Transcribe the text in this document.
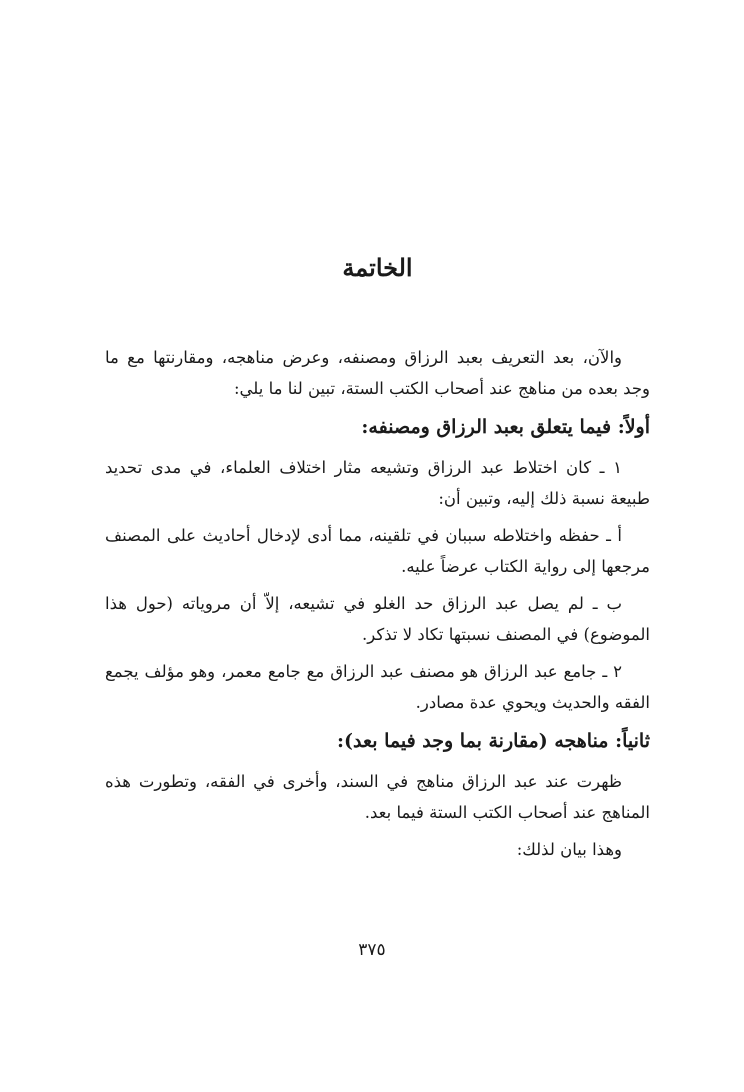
الخاتمة

والآن، بعد التعريف بعبد الرزاق ومصنفه، وعرض مناهجه، ومقارنتها مع ما وجد بعده من مناهج عند أصحاب الكتب الستة، تبين لنا ما يلي:

أولاً: فيما يتعلق بعبد الرزاق ومصنفه:

١ ـ كان اختلاط عبد الرزاق وتشيعه مثار اختلاف العلماء، في مدى تحديد طبيعة نسبة ذلك إليه، وتبين أن:

أ ـ حفظه واختلاطه سببان في تلقينه، مما أدى لإدخال أحاديث على المصنف مرجعها إلى رواية الكتاب عرضاً عليه.

ب ـ لم يصل عبد الرزاق حد الغلو في تشيعه، إلاّ أن مروياته (حول هذا الموضوع) في المصنف نسبتها تكاد لا تذكر.

٢ ـ جامع عبد الرزاق هو مصنف عبد الرزاق مع جامع معمر، وهو مؤلف يجمع الفقه والحديث ويحوي عدة مصادر.

ثانياً: مناهجه (مقارنة بما وجد فيما بعد):

ظهرت عند عبد الرزاق مناهج في السند، وأخرى في الفقه، وتطورت هذه المناهج عند أصحاب الكتب الستة فيما بعد.

وهذا بيان لذلك:

٣٧٥
